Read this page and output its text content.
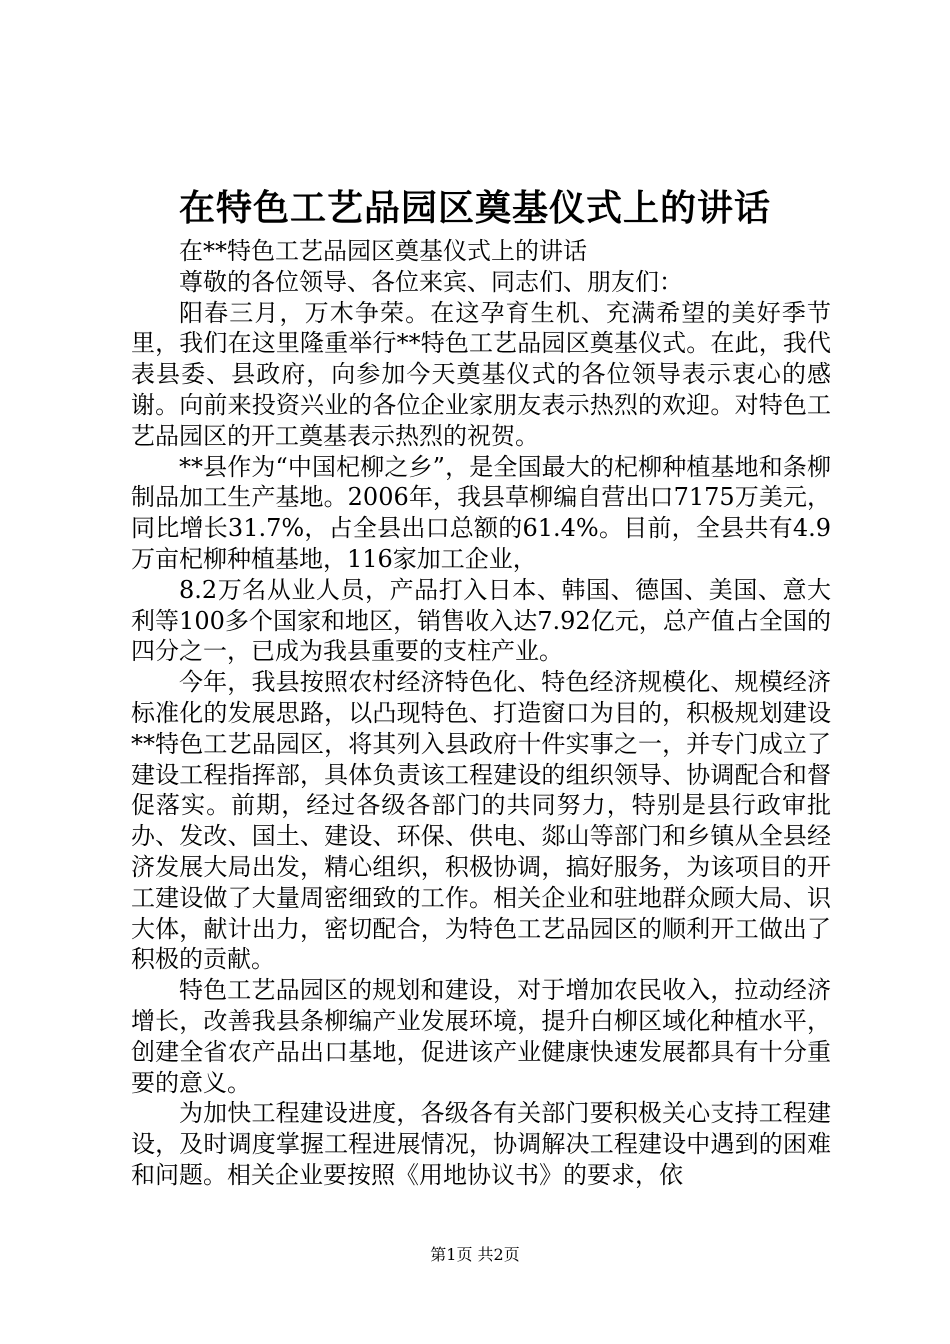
在特色工艺品园区奠基仪式上的讲话

在**特色工艺品园区奠基仪式上的讲话

尊敬的各位领导、各位来宾、同志们、朋友们：

阳春三月，万木争荣。在这孕育生机、充满希望的美好季节里，我们在这里隆重举行**特色工艺品园区奠基仪式。在此，我代表县委、县政府，向参加今天奠基仪式的各位领导表示衷心的感谢。向前来投资兴业的各位企业家朋友表示热烈的欢迎。对特色工艺品园区的开工奠基表示热烈的祝贺。

**县作为“中国杞柳之乡”，是全国最大的杞柳种植基地和条柳制品加工生产基地。2006年，我县草柳编自营出口7175万美元，同比增长31.7%，占全县出口总额的61.4%。目前，全县共有4.9万亩杞柳种植基地，116家加工企业，

8.2万名从业人员，产品打入日本、韩国、德国、美国、意大利等100多个国家和地区，销售收入达7.92亿元，总产值占全国的四分之一，已成为我县重要的支柱产业。

今年，我县按照农村经济特色化、特色经济规模化、规模经济标准化的发展思路，以凸现特色、打造窗口为目的，积极规划建设**特色工艺品园区，将其列入县政府十件实事之一，并专门成立了建设工程指挥部，具体负责该工程建设的组织领导、协调配合和督促落实。前期，经过各级各部门的共同努力，特别是县行政审批办、发改、国土、建设、环保、供电、郯山等部门和乡镇从全县经济发展大局出发，精心组织，积极协调，搞好服务，为该项目的开工建设做了大量周密细致的工作。相关企业和驻地群众顾大局、识大体，献计出力，密切配合，为特色工艺品园区的顺利开工做出了积极的贡献。

特色工艺品园区的规划和建设，对于增加农民收入，拉动经济增长，改善我县条柳编产业发展环境，提升白柳区域化种植水平，创建全省农产品出口基地，促进该产业健康快速发展都具有十分重要的意义。

为加快工程建设进度，各级各有关部门要积极关心支持工程建设，及时调度掌握工程进展情况，协调解决工程建设中遇到的困难和问题。相关企业要按照《用地协议书》的要求，依

第1页 共2页
